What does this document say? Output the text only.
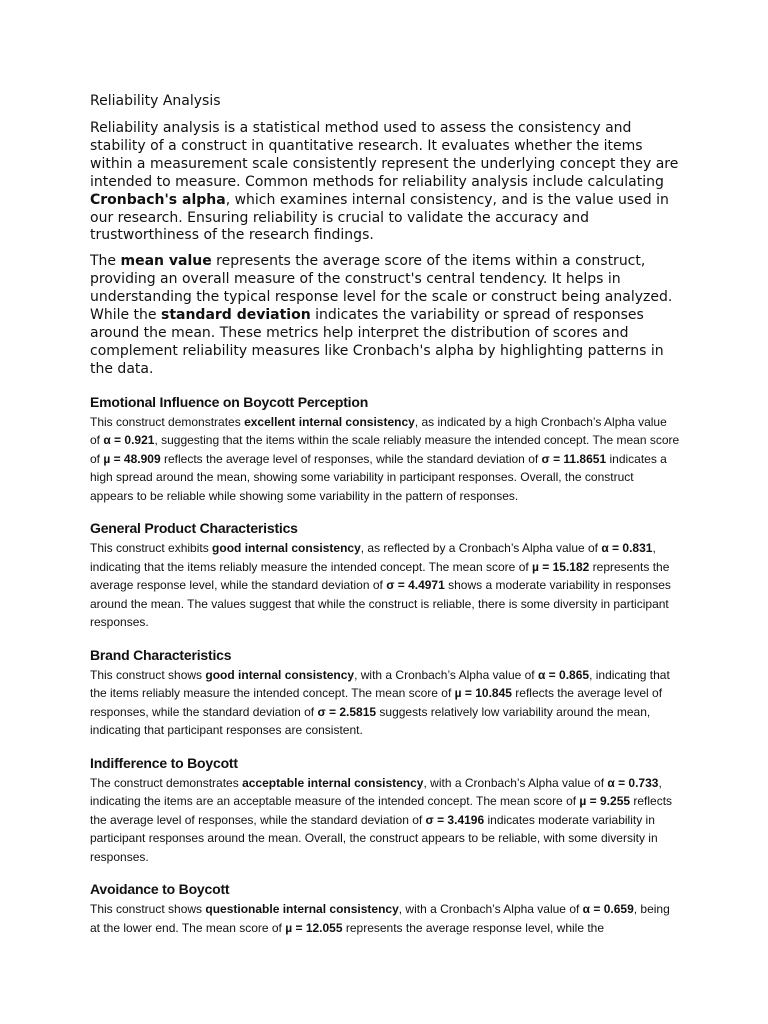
Reliability Analysis

Reliability analysis is a statistical method used to assess the consistency and stability of a construct in quantitative research. It evaluates whether the items within a measurement scale consistently represent the underlying concept they are intended to measure. Common methods for reliability analysis include calculating Cronbach's alpha, which examines internal consistency, and is the value used in our research. Ensuring reliability is crucial to validate the accuracy and trustworthiness of the research findings.

The mean value represents the average score of the items within a construct, providing an overall measure of the construct's central tendency. It helps in understanding the typical response level for the scale or construct being analyzed. While the standard deviation indicates the variability or spread of responses around the mean. These metrics help interpret the distribution of scores and complement reliability measures like Cronbach's alpha by highlighting patterns in the data.

Emotional Influence on Boycott Perception

This construct demonstrates excellent internal consistency, as indicated by a high Cronbach’s Alpha value of α = 0.921, suggesting that the items within the scale reliably measure the intended concept. The mean score of µ = 48.909 reflects the average level of responses, while the standard deviation of σ = 11.8651 indicates a high spread around the mean, showing some variability in participant responses. Overall, the construct appears to be reliable while showing some variability in the pattern of responses.

General Product Characteristics

This construct exhibits good internal consistency, as reflected by a Cronbach’s Alpha value of α = 0.831, indicating that the items reliably measure the intended concept. The mean score of µ = 15.182 represents the average response level, while the standard deviation of σ = 4.4971 shows a moderate variability in responses around the mean. The values suggest that while the construct is reliable, there is some diversity in participant responses.

Brand Characteristics

This construct shows good internal consistency, with a Cronbach’s Alpha value of α = 0.865, indicating that the items reliably measure the intended concept. The mean score of µ = 10.845 reflects the average level of responses, while the standard deviation of σ = 2.5815 suggests relatively low variability around the mean, indicating that participant responses are consistent.

Indifference to Boycott

The construct demonstrates acceptable internal consistency, with a Cronbach’s Alpha value of α = 0.733, indicating the items are an acceptable measure of the intended concept. The mean score of µ = 9.255 reflects the average level of responses, while the standard deviation of σ = 3.4196 indicates moderate variability in participant responses around the mean. Overall, the construct appears to be reliable, with some diversity in responses.

Avoidance to Boycott

This construct shows questionable internal consistency, with a Cronbach’s Alpha value of α = 0.659, being at the lower end. The mean score of µ = 12.055 represents the average response level, while the
